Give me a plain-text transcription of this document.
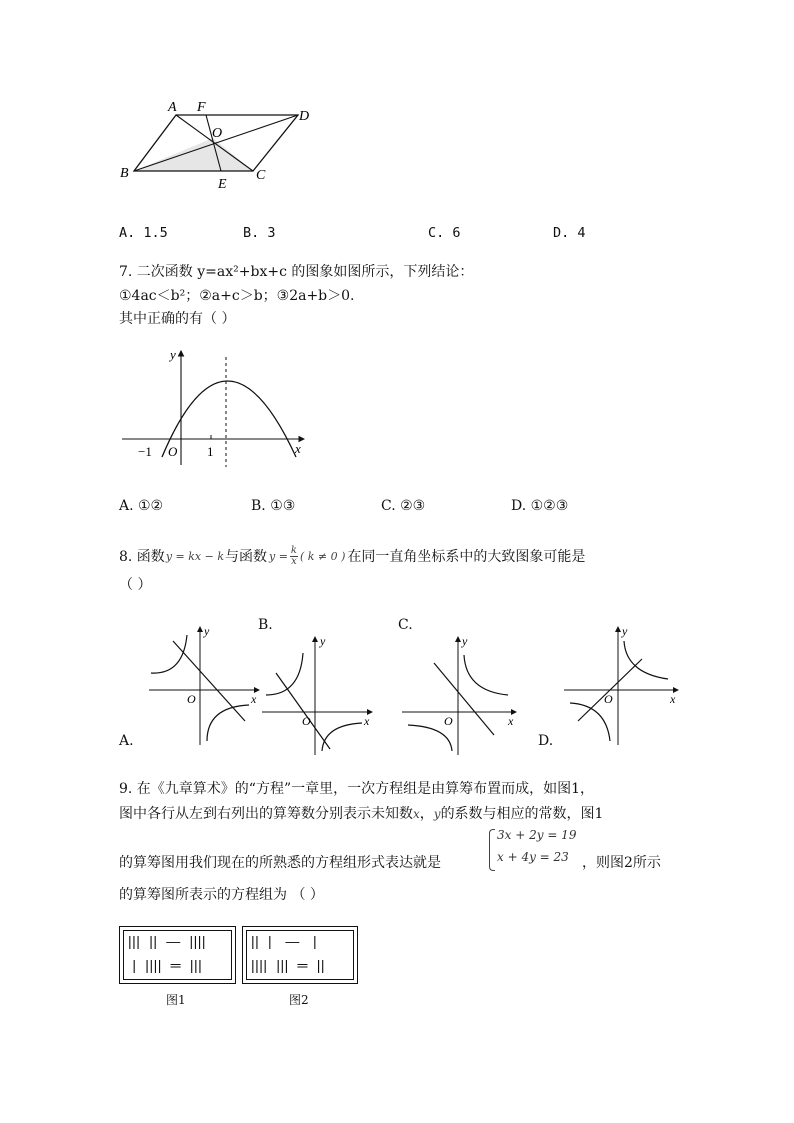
A F
D
O
B
E
C
A. 1.5	B. 3	C. 6	D. 4
7. 二次函数 y=ax²+bx+c 的图象如图所示，下列结论：
①4ac＜b²；②a+c＞b；③2a+b＞0.
其中正确的有（ ）
y
x
O
−1	1
A. ①②	B. ①③	C. ②③	D. ①②③
8. 函数 y = kx − k 与函数 $y = \frac{k}{x}$ ( k ≠ 0 ) 在同一直角坐标系中的大致图象可能是
（ ）
B.	C.
A.	D.
y
x
O
y
x
O
y
x
O
y
x
O
9. 在《九章算术》的“方程”一章里，一次方程组是由算筹布置而成，如图1，
图中各行从左到右列出的算筹数分别表示未知数x，y的系数与相应的常数，图1
3x + 2y = 19
x + 4y = 23
的算筹图用我们现在的所熟悉的方程组形式表达就是	，则图2所示
的算筹图所表示的方程组为 （ ）
|||  ||  —  ||||
|  ||||  ═  |||
图1
||  |   —   |
||||  |||  ═  ||
图2
